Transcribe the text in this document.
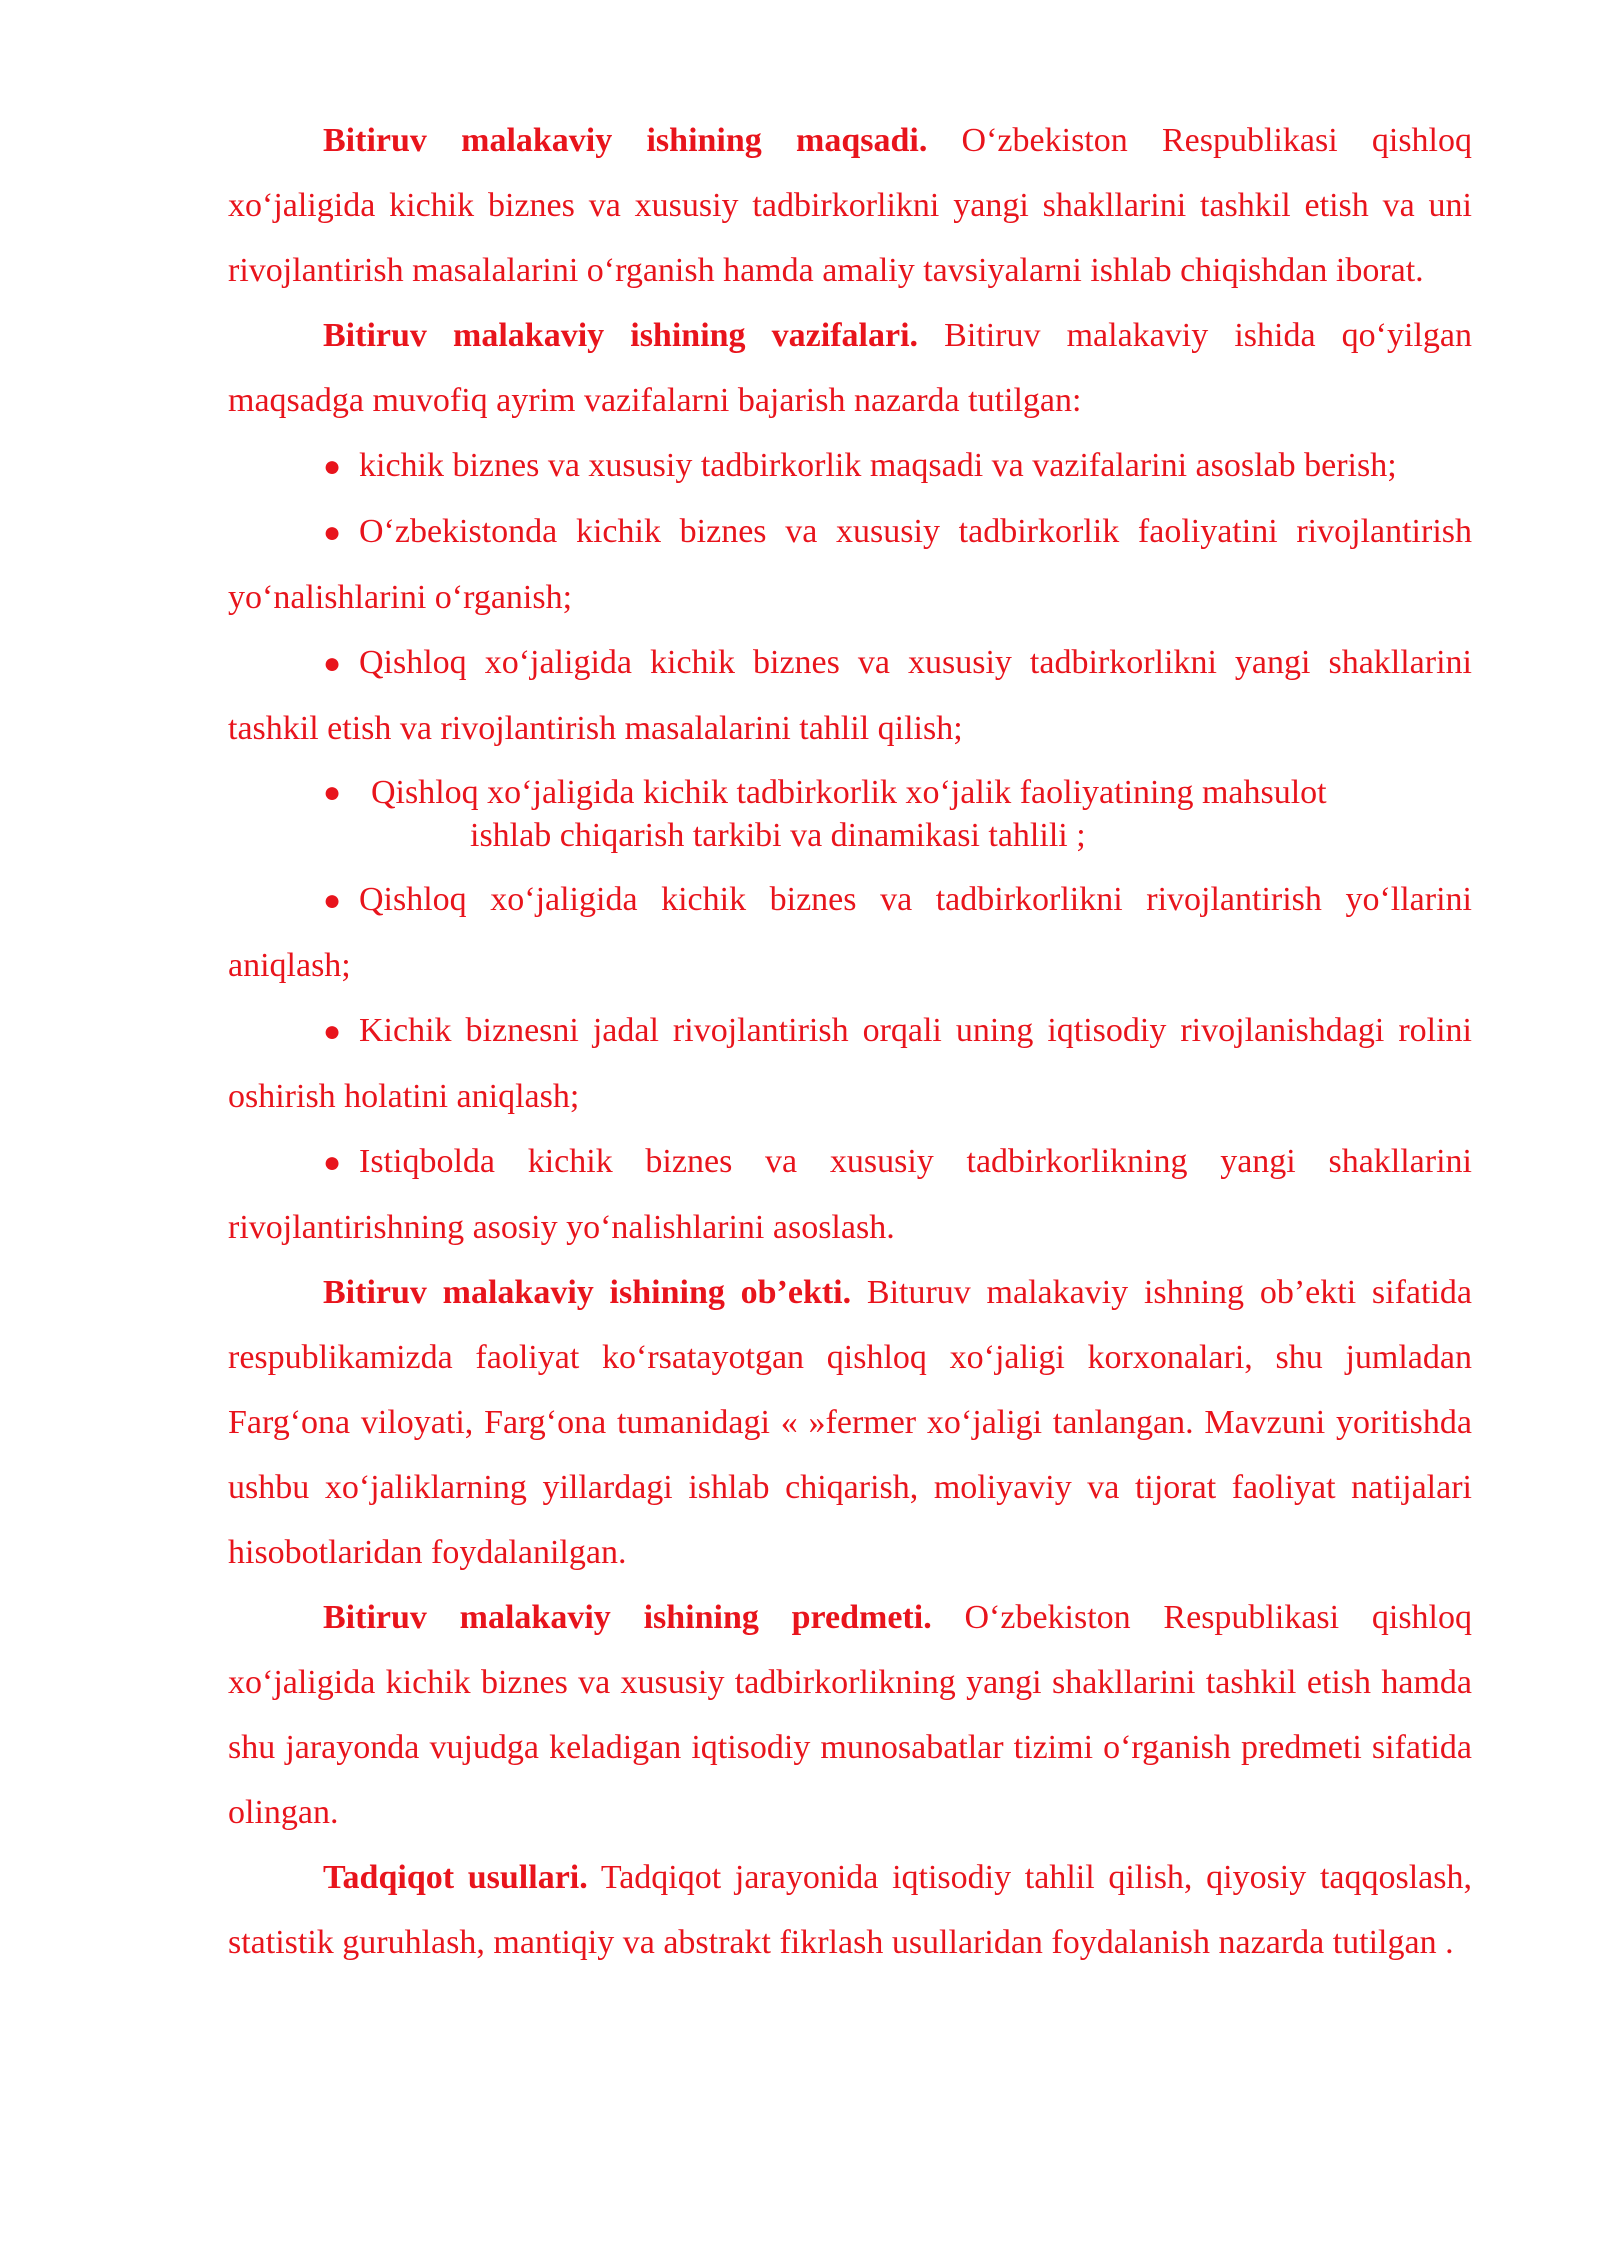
Bitiruv malakaviy ishining maqsadi. O‘zbekiston Respublikasi qishloq xo‘jaligida kichik biznes va xususiy tadbirkorlikni yangi shakllarini tashkil etish va uni rivojlantirish masalalarini o‘rganish hamda amaliy tavsiyalarni ishlab chiqishdan iborat.

Bitiruv malakaviy ishining vazifalari. Bitiruv malakaviy ishida qo‘yilgan maqsadga muvofiq ayrim vazifalarni bajarish nazarda tutilgan:

● kichik biznes va xususiy tadbirkorlik maqsadi va vazifalarini asoslab berish;

● O‘zbekistonda kichik biznes va xususiy tadbirkorlik faoliyatini rivojlantirish yo‘nalishlarini o‘rganish;

● Qishloq xo‘jaligida kichik biznes va xususiy tadbirkorlikni yangi shakllarini tashkil etish va rivojlantirish masalalarini tahlil qilish;

● Qishloq xo‘jaligida kichik tadbirkorlik xo‘jalik faoliyatining mahsulot
ishlab chiqarish tarkibi va dinamikasi tahlili ;

● Qishloq xo‘jaligida kichik biznes va tadbirkorlikni rivojlantirish yo‘llarini aniqlash;

● Kichik biznesni jadal rivojlantirish orqali uning iqtisodiy rivojlanishdagi rolini oshirish holatini aniqlash;

● Istiqbolda kichik biznes va xususiy tadbirkorlikning yangi shakllarini rivojlantirishning asosiy yo‘nalishlarini asoslash.

Bitiruv malakaviy ishining ob’ekti. Bituruv malakaviy ishning ob’ekti sifatida respublikamizda faoliyat ko‘rsatayotgan qishloq xo‘jaligi korxonalari, shu jumladan Farg‘ona viloyati, Farg‘ona tumanidagi « »fermer xo‘jaligi tanlangan. Mavzuni yoritishda ushbu xo‘jaliklarning yillardagi ishlab chiqarish, moliyaviy va tijorat faoliyat natijalari hisobotlaridan foydalanilgan.

Bitiruv malakaviy ishining predmeti. O‘zbekiston Respublikasi qishloq xo‘jaligida kichik biznes va xususiy tadbirkorlikning yangi shakllarini tashkil etish hamda shu jarayonda vujudga keladigan iqtisodiy munosabatlar tizimi o‘rganish predmeti sifatida olingan.

Tadqiqot usullari. Tadqiqot jarayonida iqtisodiy tahlil qilish, qiyosiy taqqoslash, statistik guruhlash, mantiqiy va abstrakt fikrlash usullaridan foydalanish nazarda tutilgan .
